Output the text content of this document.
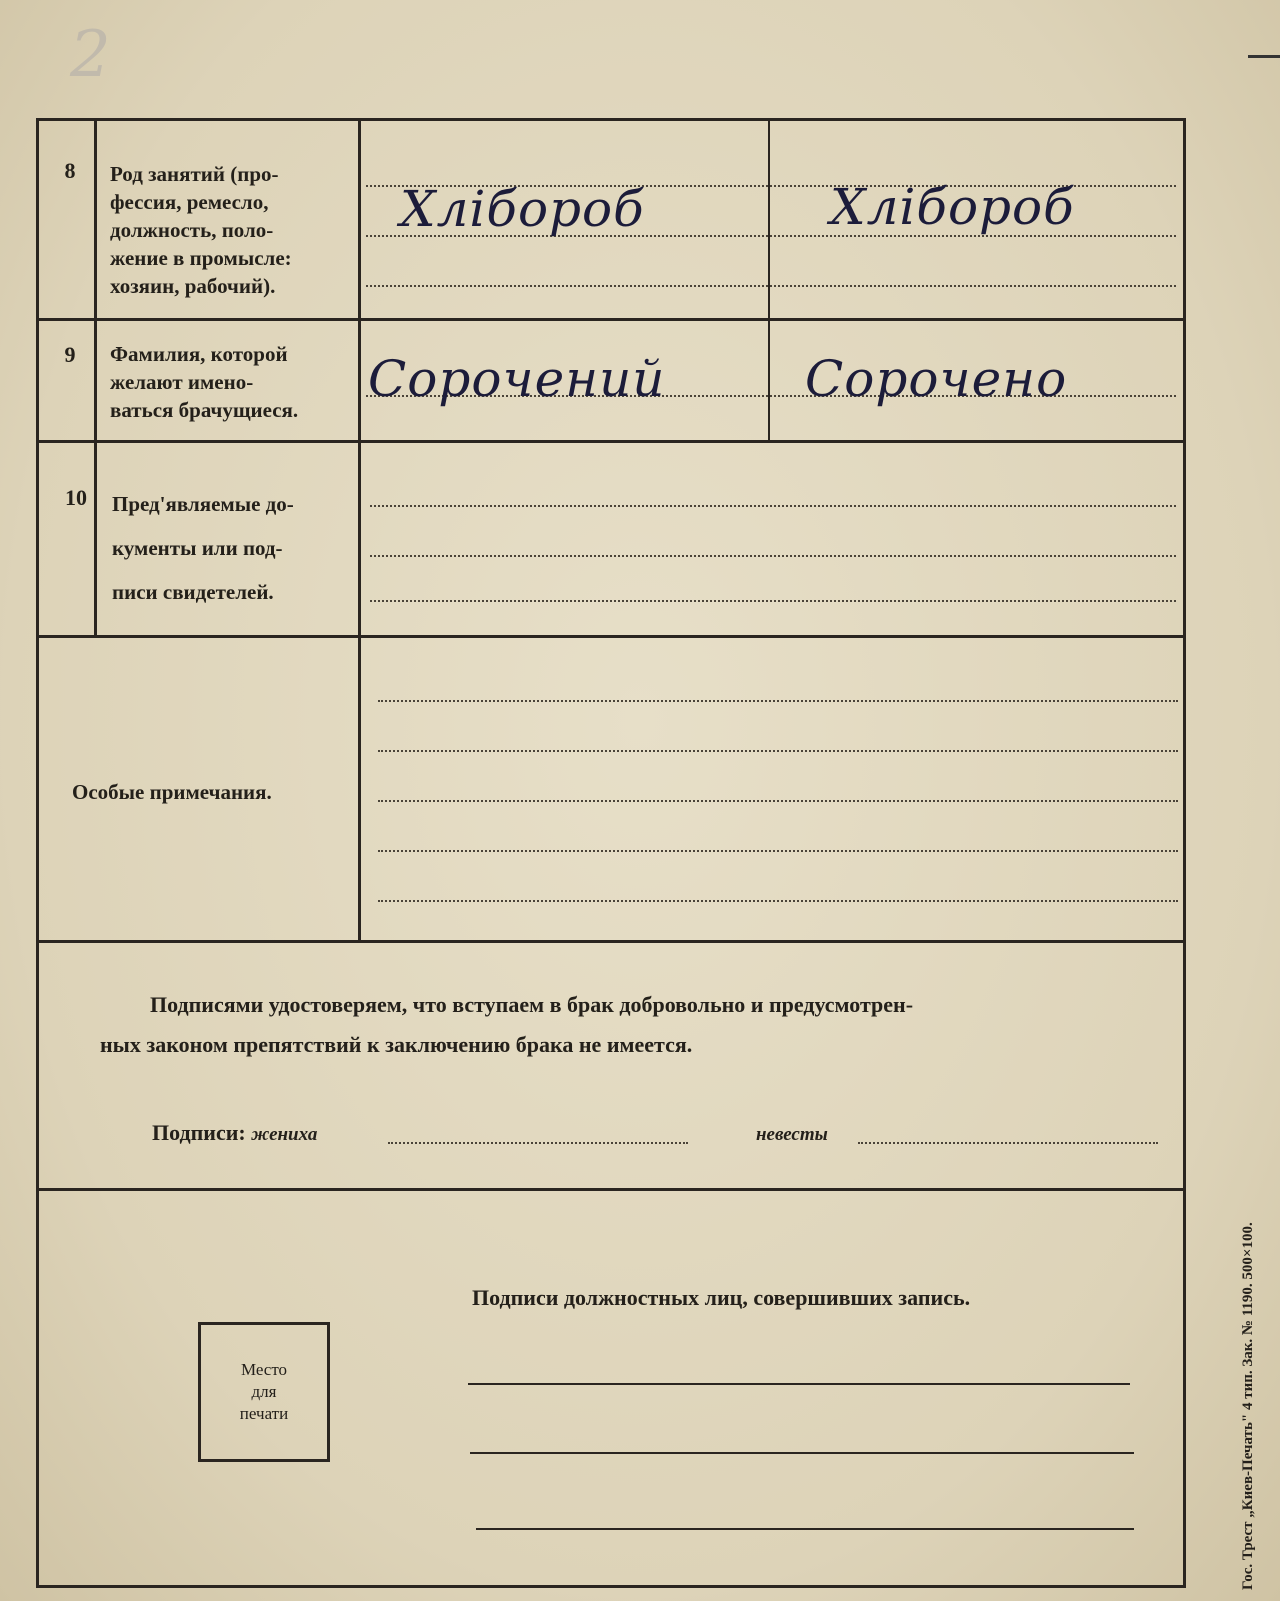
2
8	Род занятий (про-
фессия, ремесло,
должность, поло-
жение в промысле:
хозяин, рабочий).
Хлібороб	Хлібороб
9	Фамилия, которой
желают имено-
ваться брачущиеся.
Сорочений	Сорочено
10	Пред'являемые до-
кументы или под-
писи свидетелей.
Особые примечания.
Подписями удостоверяем, что вступаем в брак добровольно и предусмотрен-
ных законом препятствий к заключению брака не имеется.
Подписи: жениха	невесты
Подписи должностных лиц, совершивших запись.
Место
для
печати	Гос. Трест „Киев-Печать" 4 тип. Зак. № 1190. 500×100.
